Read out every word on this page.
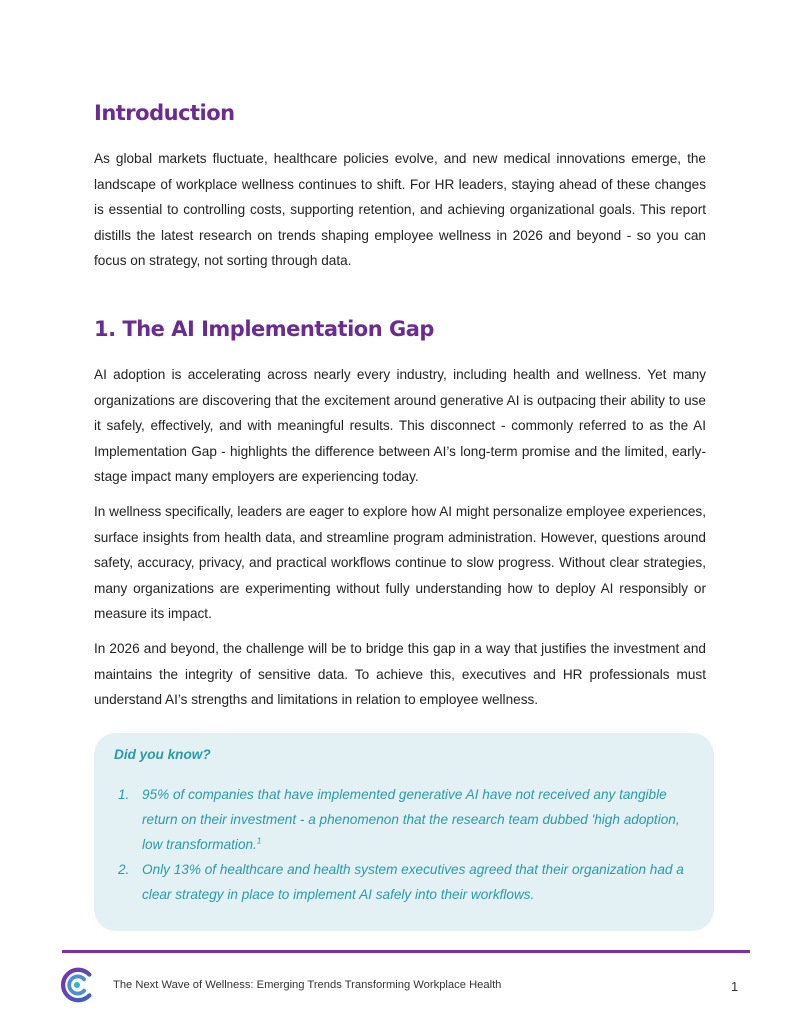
Introduction

As global markets fluctuate, healthcare policies evolve, and new medical innovations emerge, the landscape of workplace wellness continues to shift. For HR leaders, staying ahead of these changes is essential to controlling costs, supporting retention, and achieving organizational goals. This report distills the latest research on trends shaping employee wellness in 2026 and beyond - so you can focus on strategy, not sorting through data.

1. The AI Implementation Gap

AI adoption is accelerating across nearly every industry, including health and wellness. Yet many organizations are discovering that the excitement around generative AI is outpacing their ability to use it safely, effectively, and with meaningful results. This disconnect - commonly referred to as the AI Implementation Gap - highlights the difference between AI’s long-term promise and the limited, early-stage impact many employers are experiencing today.

In wellness specifically, leaders are eager to explore how AI might personalize employee experiences, surface insights from health data, and streamline program administration. However, questions around safety, accuracy, privacy, and practical workflows continue to slow progress. Without clear strategies, many organizations are experimenting without fully understanding how to deploy AI responsibly or measure its impact.

In 2026 and beyond, the challenge will be to bridge this gap in a way that justifies the investment and maintains the integrity of sensitive data. To achieve this, executives and HR professionals must understand AI’s strengths and limitations in relation to employee wellness.

Did you know?

1. 95% of companies that have implemented generative AI have not received any tangible return on their investment - a phenomenon that the research team dubbed 'high adoption, low transformation.$^1$
2. Only 13% of healthcare and health system executives agreed that their organization had a clear strategy in place to implement AI safely into their workflows.
The Next Wave of Wellness: Emerging Trends Transforming Workplace Health	1
